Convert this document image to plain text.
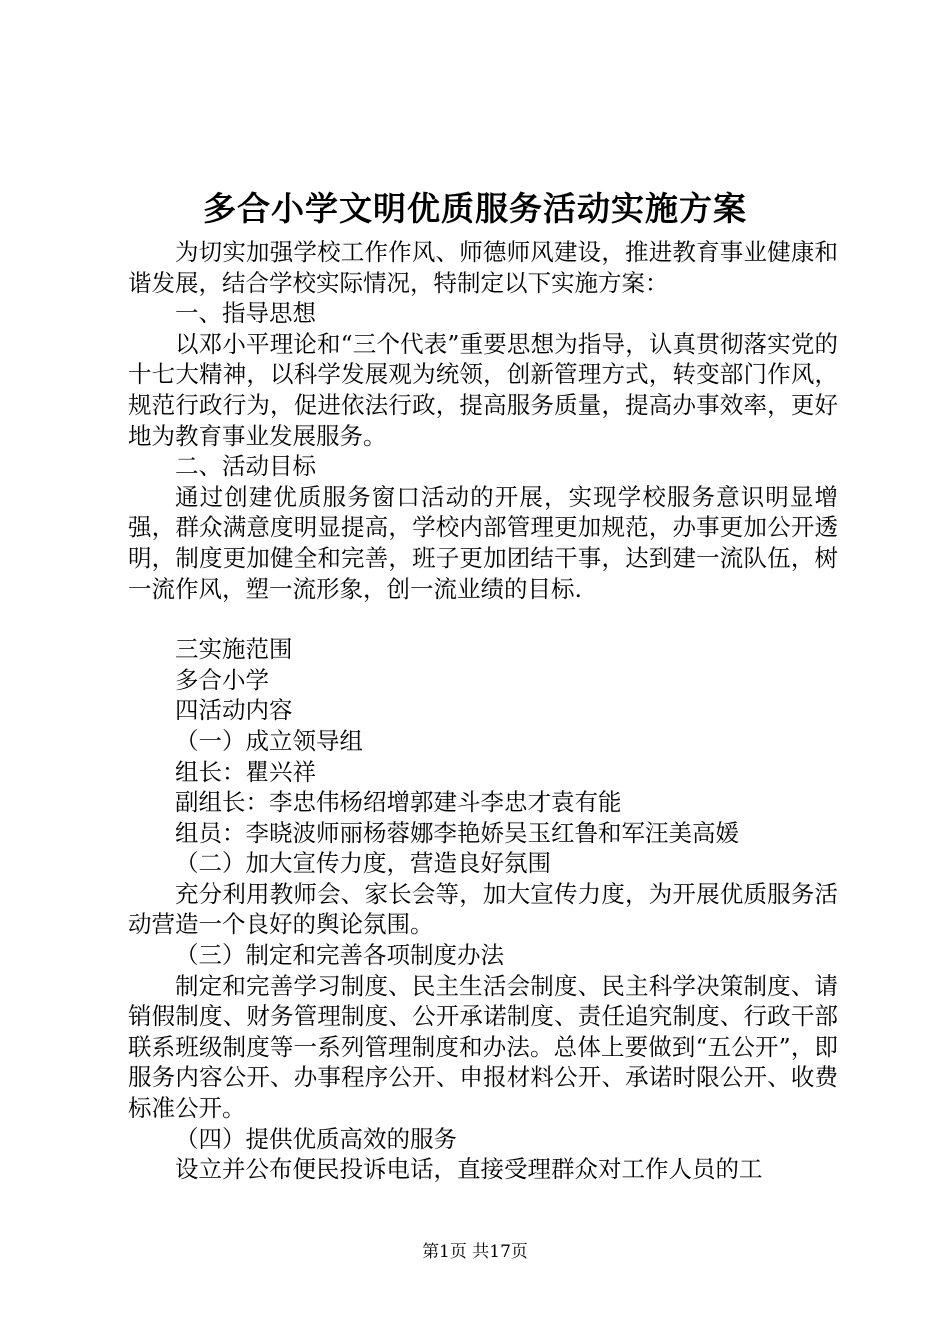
多合小学文明优质服务活动实施方案

为切实加强学校工作作风、师德师风建设，推进教育事业健康和谐发展，结合学校实际情况，特制定以下实施方案：

一、指导思想

以邓小平理论和“三个代表”重要思想为指导，认真贯彻落实党的十七大精神，以科学发展观为统领，创新管理方式，转变部门作风，规范行政行为，促进依法行政，提高服务质量，提高办事效率，更好地为教育事业发展服务。

二、活动目标

通过创建优质服务窗口活动的开展，实现学校服务意识明显增强，群众满意度明显提高，学校内部管理更加规范，办事更加公开透明，制度更加健全和完善，班子更加团结干事，达到建一流队伍，树一流作风，塑一流形象，创一流业绩的目标.

三实施范围

多合小学

四活动内容

（一）成立领导组

组长：瞿兴祥

副组长：李忠伟杨绍增郭建斗李忠才袁有能

组员：李晓波师丽杨蓉娜李艳娇吴玉红鲁和军汪美高媛

（二）加大宣传力度，营造良好氛围

充分利用教师会、家长会等，加大宣传力度，为开展优质服务活动营造一个良好的舆论氛围。

（三）制定和完善各项制度办法

制定和完善学习制度、民主生活会制度、民主科学决策制度、请销假制度、财务管理制度、公开承诺制度、责任追究制度、行政干部联系班级制度等一系列管理制度和办法。总体上要做到“五公开”，即服务内容公开、办事程序公开、申报材料公开、承诺时限公开、收费标准公开。

（四）提供优质高效的服务

设立并公布便民投诉电话，直接受理群众对工作人员的工

第1页 共17页
